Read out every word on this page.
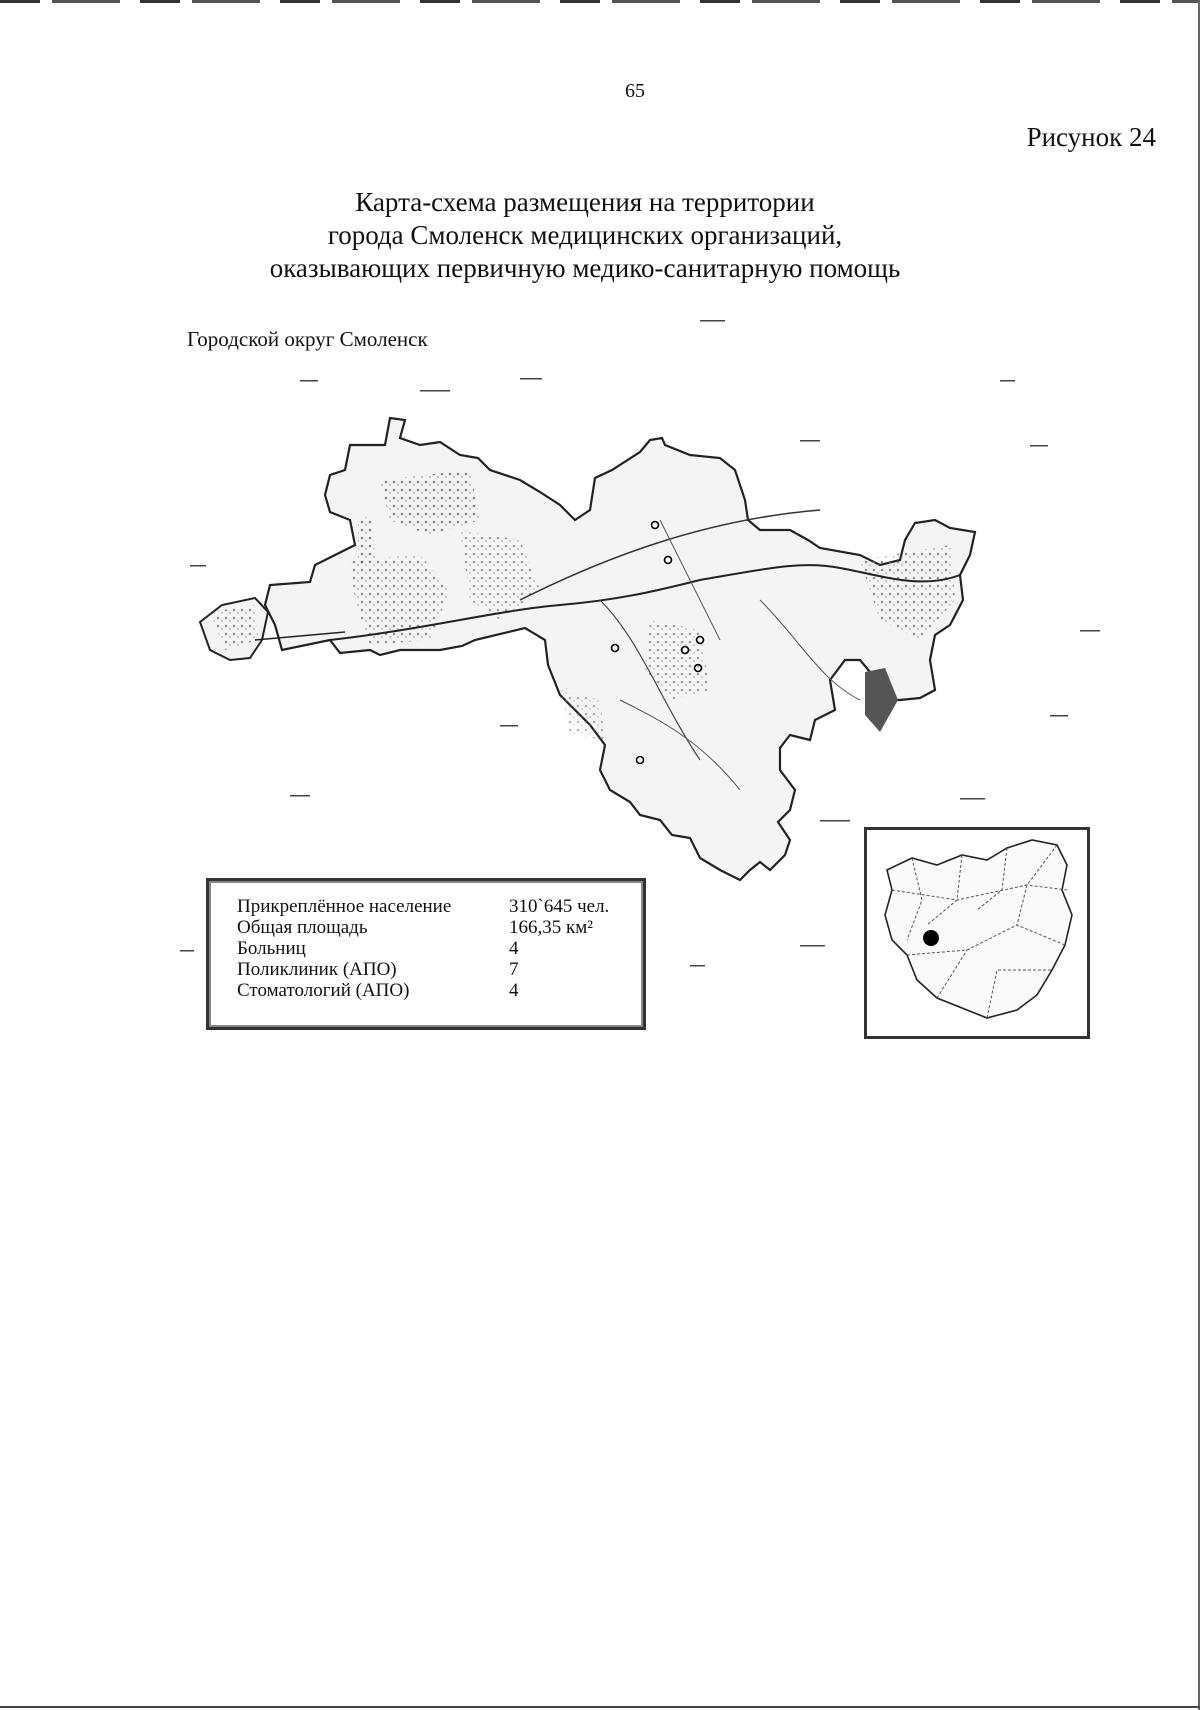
65
Рисунок 24
Карта-схема размещения на территории
города Смоленск медицинских организаций,
оказывающих первичную медико-санитарную помощь
Городской округ Смоленск
Прикреплённое население	310`645 чел.
Общая площадь	166,35 км²
Больниц	4
Поликлиник (АПО)	7
Стоматологий (АПО)	4
